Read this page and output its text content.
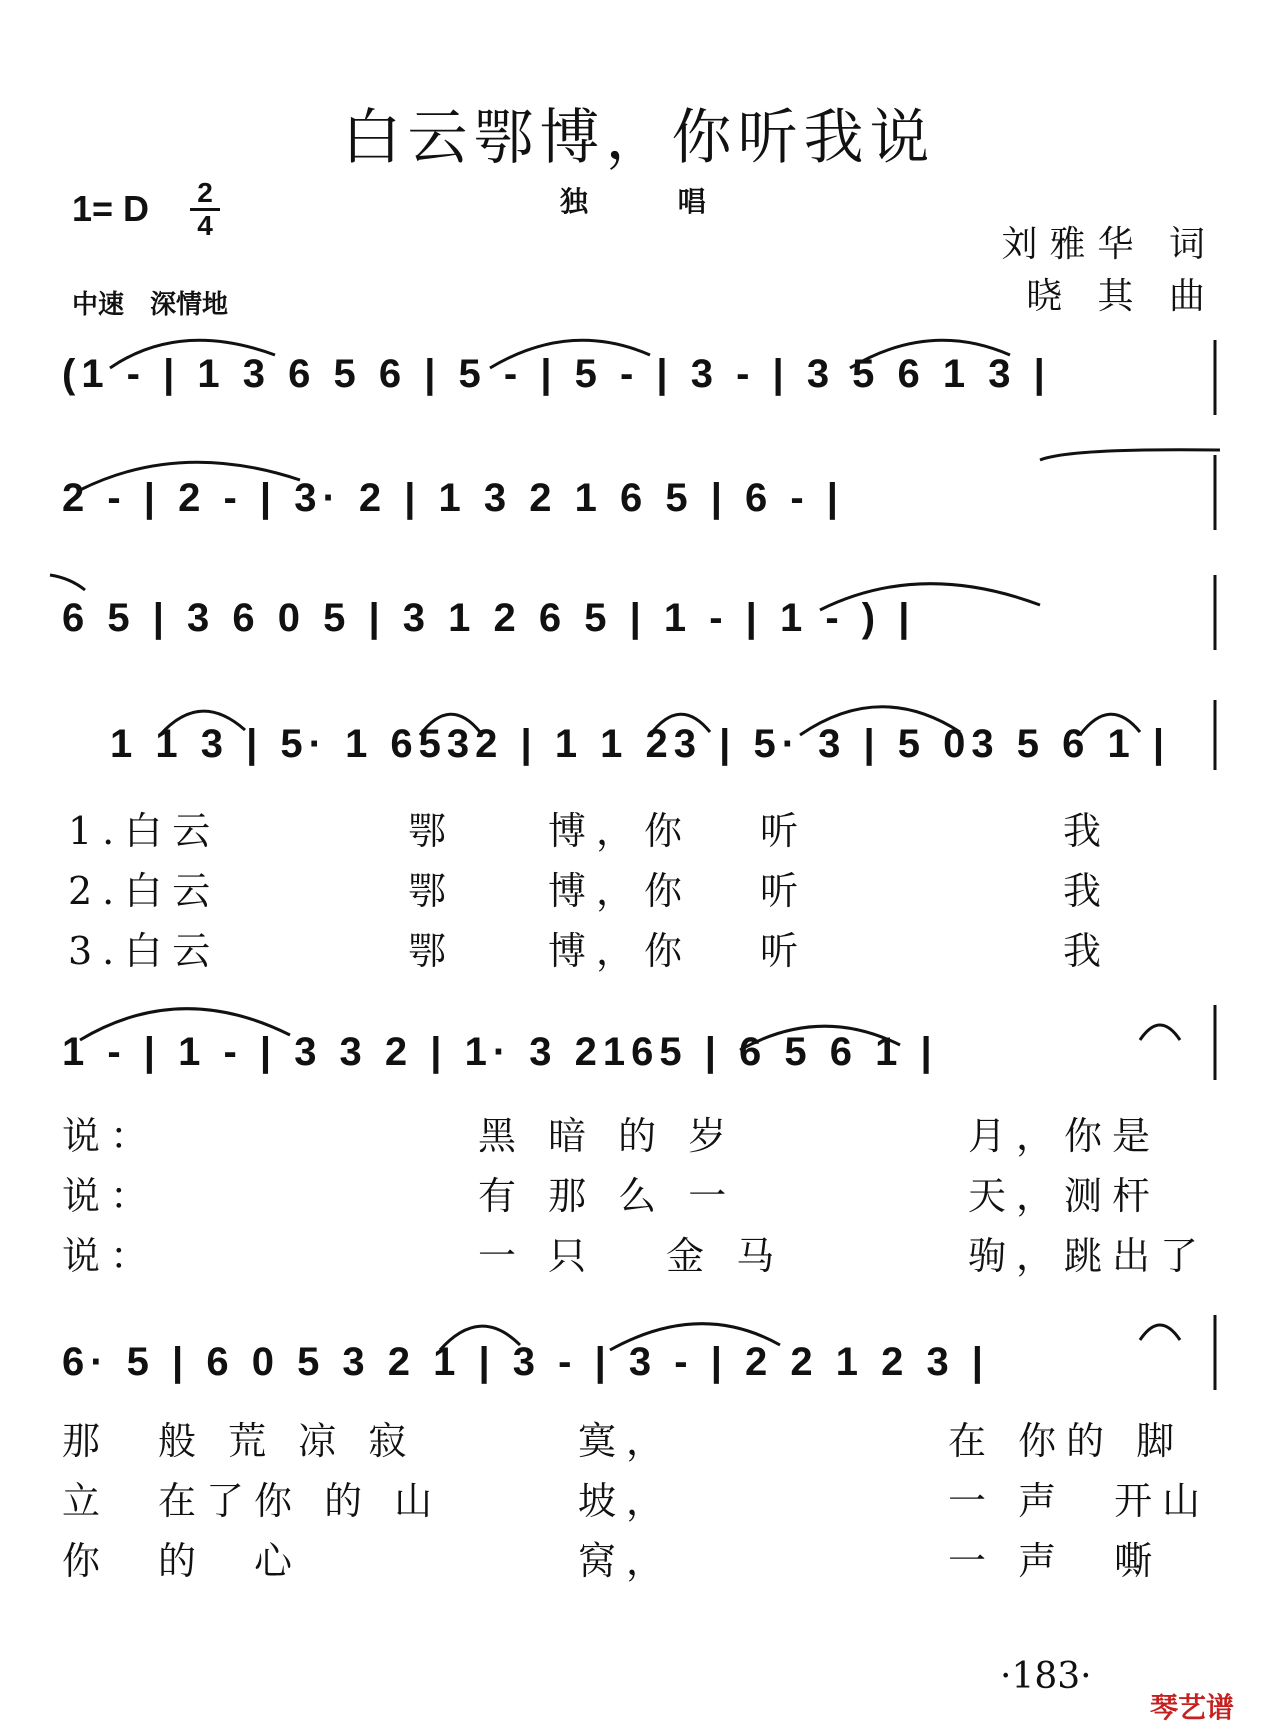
白云鄂博，你听我说
1= D $\frac{2}{4}$	独 唱
刘雅华 词
晓 其 曲
中速　深情地
(1 - | 1 3 6 5 6 | 5 - | 5 - | 3 - | 3 5 6 1 3 |
2 - | 2 - | 3· 2 | 1 3 2 1 6 5 | 6 - |
6 5 | 3 6 0 5 | 3 1 2 6 5 | 1 - | 1 - ) |
1 1 3 | 5· 1 6532 | 1 1 23 | 5· 3 | 5 03 5 6 1 |
1 - | 1 - | 3 3 2 | 1· 3 2165 | 6 5 6 1 |
6· 5 | 6 0 5 3 2 1 | 3 - | 3 - | 2 2 1 2 3 |
1.白云	鄂 博，你 听	我
2.白云	鄂 博，你 听	我
3.白云	鄂 博，你 听	我
说：	黑 暗 的 岁	月，你是
说：	有 那 么 一	天，测杆
说：	一 只　 金 马	驹，跳出了
那　般 荒 凉 寂	寞，	在 你的 脚
立　在了你 的 山	坡，	一 声　开山
你　的　心	窝，	一 声　嘶
·183·
琴艺谱
